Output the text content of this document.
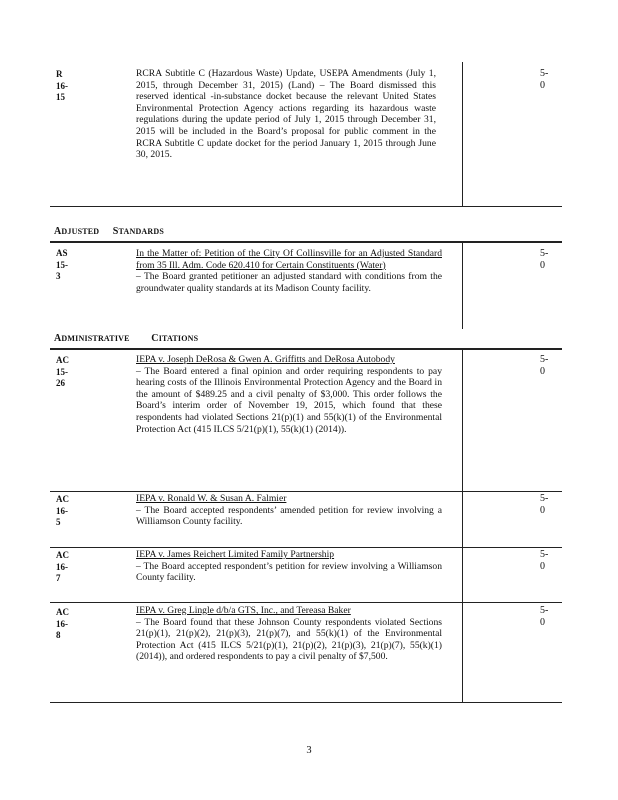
R 16-15
RCRA Subtitle C (Hazardous Waste) Update, USEPA Amendments (July 1, 2015, through December 31, 2015) (Land) – The Board dismissed this reserved identical -in-substance docket because the relevant United States Environmental Protection Agency actions regarding its hazardous waste regulations during the update period of July 1, 2015 through December 31, 2015 will be included in the Board’s proposal for public comment in the RCRA Subtitle C update docket for the period January 1, 2015 through June 30, 2015.
5-0
ADJUSTED STANDARDS
AS 15-3
In the Matter of: Petition of the City Of Collinsville for an Adjusted Standard from 35 Ill. Adm. Code 620.410 for Certain Constituents (Water)
– The Board granted petitioner an adjusted standard with conditions from the groundwater quality standards at its Madison County facility.
5-0
ADMINISTRATIVE CITATIONS
AC 15-26
IEPA v. Joseph DeRosa & Gwen A. Griffitts and DeRosa Autobody
– The Board entered a final opinion and order requiring respondents to pay hearing costs of the Illinois Environmental Protection Agency and the Board in the amount of $489.25 and a civil penalty of $3,000. This order follows the Board’s interim order of November 19, 2015, which found that these respondents had violated Sections 21(p)(1) and 55(k)(1) of the Environmental Protection Act (415 ILCS 5/21(p)(1), 55(k)(1) (2014)).
5-0
AC 16-5
IEPA v. Ronald W. & Susan A. Falmier
– The Board accepted respondents’ amended petition for review involving a Williamson County facility.
5-0
AC 16-7
IEPA v. James Reichert Limited Family Partnership
– The Board accepted respondent’s petition for review involving a Williamson County facility.
5-0
AC 16-8
IEPA v. Greg Lingle d/b/a GTS, Inc., and Tereasa Baker
– The Board found that these Johnson County respondents violated Sections 21(p)(1), 21(p)(2), 21(p)(3), 21(p)(7), and 55(k)(1) of the Environmental Protection Act (415 ILCS 5/21(p)(1), 21(p)(2), 21(p)(3), 21(p)(7), 55(k)(1) (2014)), and ordered respondents to pay a civil penalty of $7,500.
5-0
3
